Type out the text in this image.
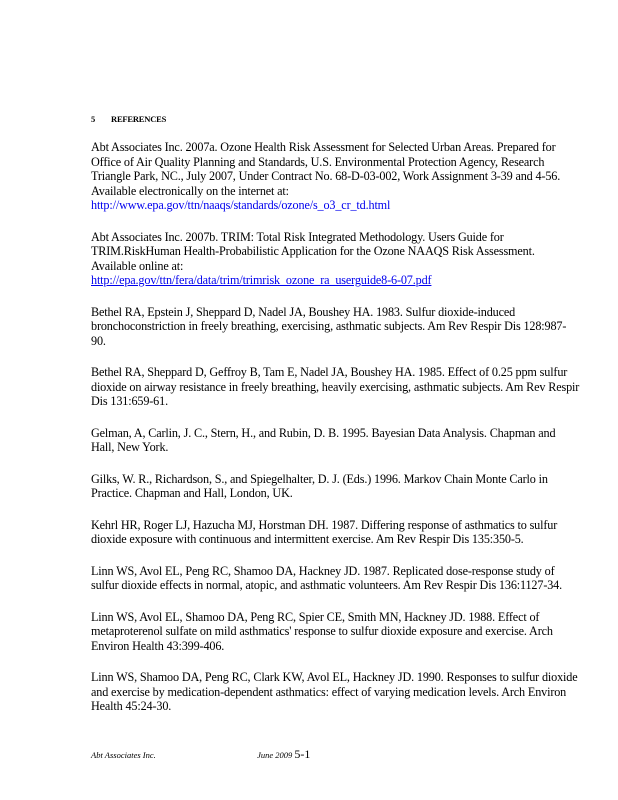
5 REFERENCES

Abt Associates Inc. 2007a. Ozone Health Risk Assessment for Selected Urban Areas. Prepared for Office of Air Quality Planning and Standards, U.S. Environmental Protection Agency, Research Triangle Park, NC., July 2007, Under Contract No. 68-D-03-002, Work Assignment 3-39 and 4-56. Available electronically on the internet at:
http://www.epa.gov/ttn/naaqs/standards/ozone/s_o3_cr_td.html

Abt Associates Inc. 2007b. TRIM: Total Risk Integrated Methodology. Users Guide for TRIM.RiskHuman Health-Probabilistic Application for the Ozone NAAQS Risk Assessment. Available online at:
http://epa.gov/ttn/fera/data/trim/trimrisk_ozone_ra_userguide8-6-07.pdf

Bethel RA, Epstein J, Sheppard D, Nadel JA, Boushey HA. 1983. Sulfur dioxide-induced bronchoconstriction in freely breathing, exercising, asthmatic subjects. Am Rev Respir Dis 128:987-90.

Bethel RA, Sheppard D, Geffroy B, Tam E, Nadel JA, Boushey HA. 1985. Effect of 0.25 ppm sulfur dioxide on airway resistance in freely breathing, heavily exercising, asthmatic subjects. Am Rev Respir Dis 131:659-61.

Gelman, A, Carlin, J. C., Stern, H., and Rubin, D. B. 1995. Bayesian Data Analysis. Chapman and Hall, New York.

Gilks, W. R., Richardson, S., and Spiegelhalter, D. J. (Eds.) 1996. Markov Chain Monte Carlo in Practice. Chapman and Hall, London, UK.

Kehrl HR, Roger LJ, Hazucha MJ, Horstman DH. 1987. Differing response of asthmatics to sulfur dioxide exposure with continuous and intermittent exercise. Am Rev Respir Dis 135:350-5.

Linn WS, Avol EL, Peng RC, Shamoo DA, Hackney JD. 1987. Replicated dose-response study of sulfur dioxide effects in normal, atopic, and asthmatic volunteers. Am Rev Respir Dis 136:1127-34.

Linn WS, Avol EL, Shamoo DA, Peng RC, Spier CE, Smith MN, Hackney JD. 1988. Effect of metaproterenol sulfate on mild asthmatics' response to sulfur dioxide exposure and exercise. Arch Environ Health 43:399-406.

Linn WS, Shamoo DA, Peng RC, Clark KW, Avol EL, Hackney JD. 1990. Responses to sulfur dioxide and exercise by medication-dependent asthmatics: effect of varying medication levels. Arch Environ Health 45:24-30.

Abt Associates Inc.	June 2009 5-1
